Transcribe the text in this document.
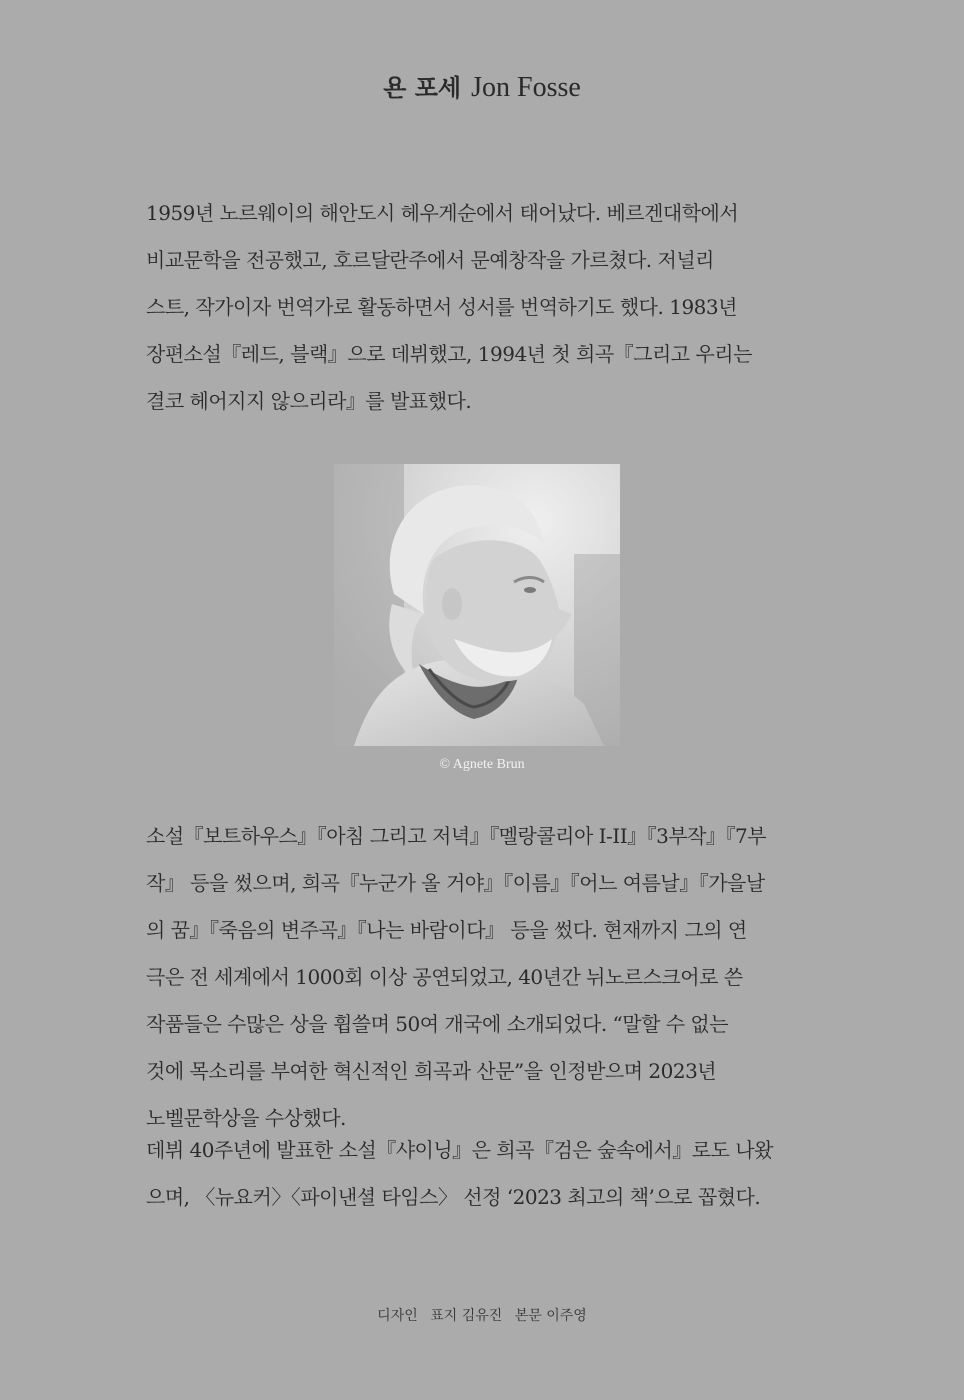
욘 포세 Jon Fosse
1959년 노르웨이의 해안도시 헤우게순에서 태어났다. 베르겐대학에서
비교문학을 전공했고, 호르달란주에서 문예창작을 가르쳤다. 저널리
스트, 작가이자 번역가로 활동하면서 성서를 번역하기도 했다. 1983년
장편소설『레드, 블랙』으로 데뷔했고, 1994년 첫 희곡『그리고 우리는
결코 헤어지지 않으리라』를 발표했다.
© Agnete Brun
소설『보트하우스』『아침 그리고 저녁』『멜랑콜리아 I-II』『3부작』『7부
작』 등을 썼으며, 희곡『누군가 올 거야』『이름』『어느 여름날』『가을날
의 꿈』『죽음의 변주곡』『나는 바람이다』 등을 썼다. 현재까지 그의 연
극은 전 세계에서 1000회 이상 공연되었고, 40년간 뉘노르스크어로 쓴
작품들은 수많은 상을 휩쓸며 50여 개국에 소개되었다. “말할 수 없는
것에 목소리를 부여한 혁신적인 희곡과 산문”을 인정받으며 2023년
노벨문학상을 수상했다.
데뷔 40주년에 발표한 소설『샤이닝』은 희곡『검은 숲속에서』로도 나왔
으며, 〈뉴요커〉〈파이낸셜 타임스〉 선정 ‘2023 최고의 책’으로 꼽혔다.
디자인 표지 김유진 본문 이주영
